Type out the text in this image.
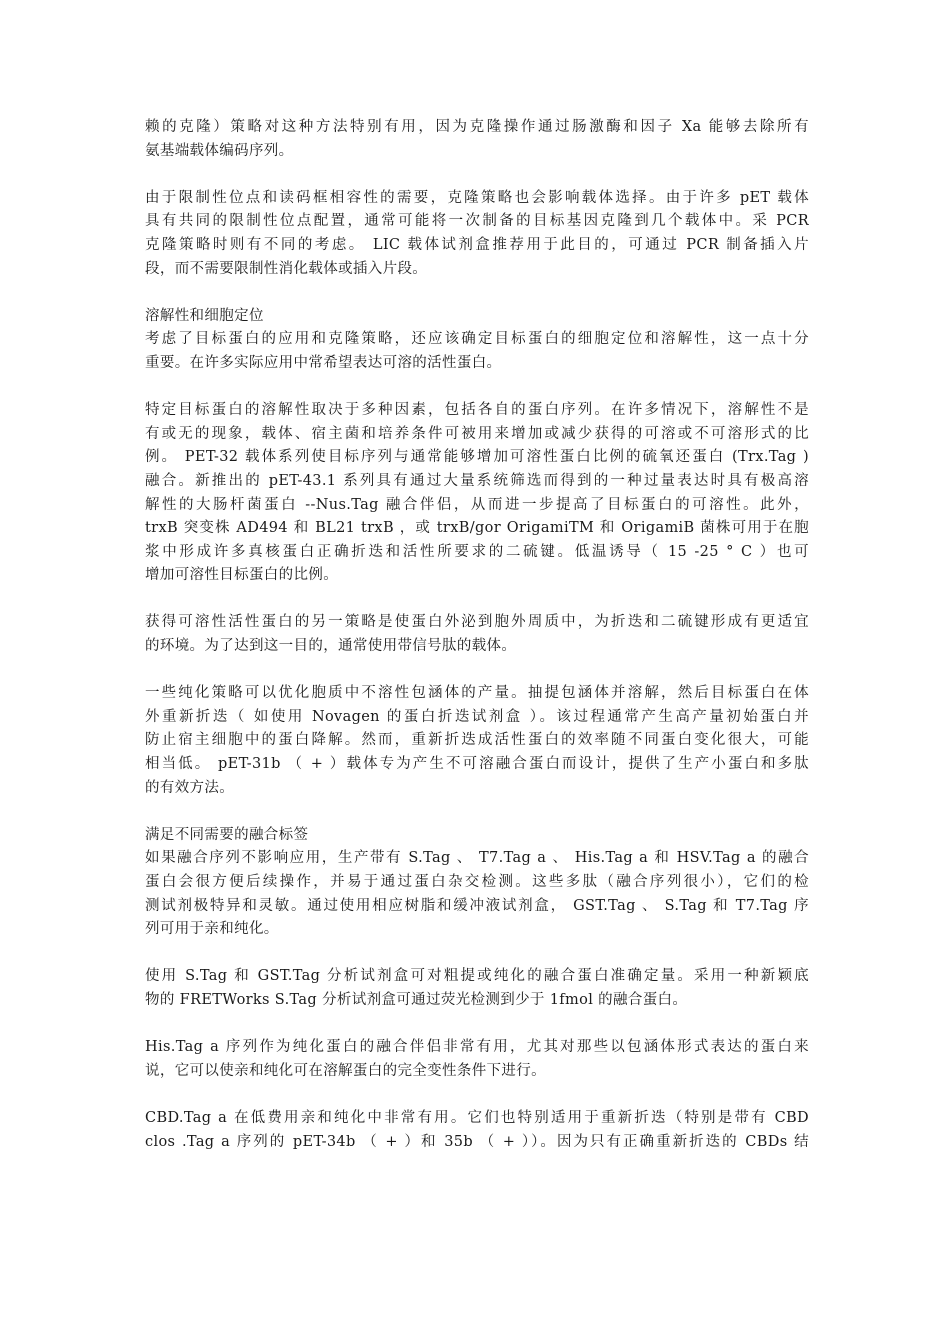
赖的克隆）策略对这种方法特别有用，因为克隆操作通过肠激酶和因子 Xa 能够去除所有
氨基端载体编码序列。
由于限制性位点和读码框相容性的需要，克隆策略也会影响载体选择。由于许多 pET 载体
具有共同的限制性位点配置，通常可能将一次制备的目标基因克隆到几个载体中。采 PCR
克隆策略时则有不同的考虑。 LIC 载体试剂盒推荐用于此目的，可通过 PCR 制备插入片
段，而不需要限制性消化载体或插入片段。
溶解性和细胞定位
考虑了目标蛋白的应用和克隆策略，还应该确定目标蛋白的细胞定位和溶解性，这一点十分
重要。在许多实际应用中常希望表达可溶的活性蛋白。
特定目标蛋白的溶解性取决于多种因素，包括各自的蛋白序列。在许多情况下，溶解性不是
有或无的现象，载体、宿主菌和培养条件可被用来增加或减少获得的可溶或不可溶形式的比
例。 PET-32 载体系列使目标序列与通常能够增加可溶性蛋白比例的硫氧还蛋白 (Trx.Tag )
融合。新推出的 pET-43.1 系列具有通过大量系统筛选而得到的一种过量表达时具有极高溶
解性的大肠杆菌蛋白 --Nus.Tag 融合伴侣，从而进一步提高了目标蛋白的可溶性。此外，
trxB 突变株 AD494 和 BL21 trxB ，或 trxB/gor OrigamiTM 和 OrigamiB 菌株可用于在胞
浆中形成许多真核蛋白正确折迭和活性所要求的二硫键。低温诱导（ 15 -25 ° C ）也可
增加可溶性目标蛋白的比例。
获得可溶性活性蛋白的另一策略是使蛋白外泌到胞外周质中，为折迭和二硫键形成有更适宜
的环境。为了达到这一目的，通常使用带信号肽的载体。
一些纯化策略可以优化胞质中不溶性包涵体的产量。抽提包涵体并溶解，然后目标蛋白在体
外重新折迭（ 如使用 Novagen 的蛋白折迭试剂盒 ）。该过程通常产生高产量初始蛋白并
防止宿主细胞中的蛋白降解。然而，重新折迭成活性蛋白的效率随不同蛋白变化很大，可能
相当低。 pET-31b （ + ）载体专为产生不可溶融合蛋白而设计，提供了生产小蛋白和多肽
的有效方法。
满足不同需要的融合标签
如果融合序列不影响应用，生产带有 S.Tag 、 T7.Tag a 、 His.Tag a 和 HSV.Tag a 的融合
蛋白会很方便后续操作，并易于通过蛋白杂交检测。这些多肽（融合序列很小），它们的检
测试剂极特异和灵敏。通过使用相应树脂和缓冲液试剂盒， GST.Tag 、 S.Tag 和 T7.Tag 序
列可用于亲和纯化。
使用 S.Tag 和 GST.Tag 分析试剂盒可对粗提或纯化的融合蛋白准确定量。采用一种新颖底
物的 FRETWorks S.Tag 分析试剂盒可通过荧光检测到少于 1fmol 的融合蛋白。
His.Tag a 序列作为纯化蛋白的融合伴侣非常有用，尤其对那些以包涵体形式表达的蛋白来
说，它可以使亲和纯化可在溶解蛋白的完全变性条件下进行。
CBD.Tag a 在低费用亲和纯化中非常有用。它们也特别适用于重新折迭（特别是带有 CBD
clos .Tag a 序列的 pET-34b （ + ）和 35b （ + ））。因为只有正确重新折迭的 CBDs 结
